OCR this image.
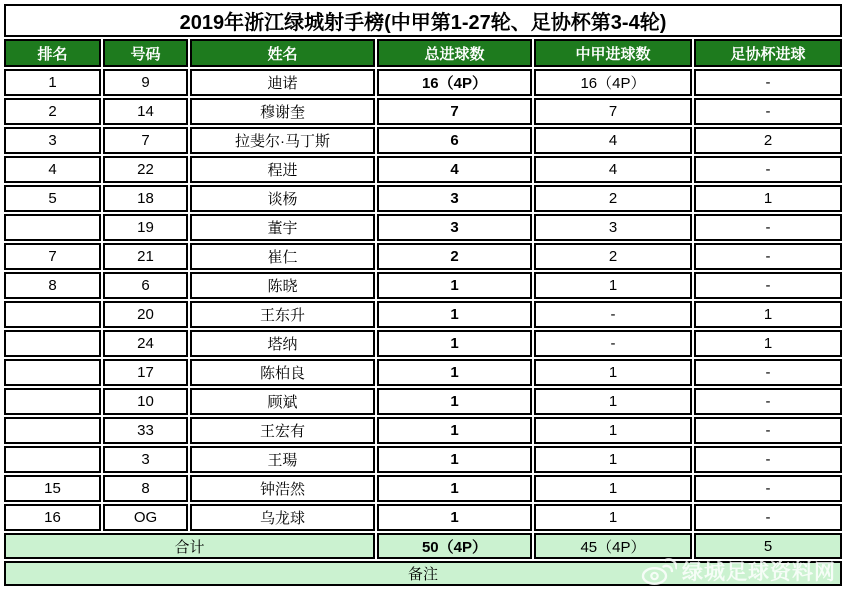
2019年浙江绿城射手榜(中甲第1-27轮、足协杯第3-4轮)					
排名	号码	姓名	总进球数	中甲进球数	足协杯进球
1	9	迪诺	16（4P）	16（4P）	-
2	14	穆谢奎	7	7	-
3	7	拉斐尔·马丁斯	6	4	2
4	22	程进	4	4	-
5	18	谈杨	3	2	1
	19	董宇	3	3	-
7	21	崔仁	2	2	-
8	6	陈晓	1	1	-
	20	王东升	1	-	1
	24	塔纳	1	-	1
	17	陈柏良	1	1	-
	10	顾斌	1	1	-
	33	王宏有	1	1	-
	3	王瑒	1	1	-
15	8	钟浩然	1	1	-
16	OG	乌龙球	1	1	-
合计			50（4P）	45（4P）	5
备注						绿城足球资料网
